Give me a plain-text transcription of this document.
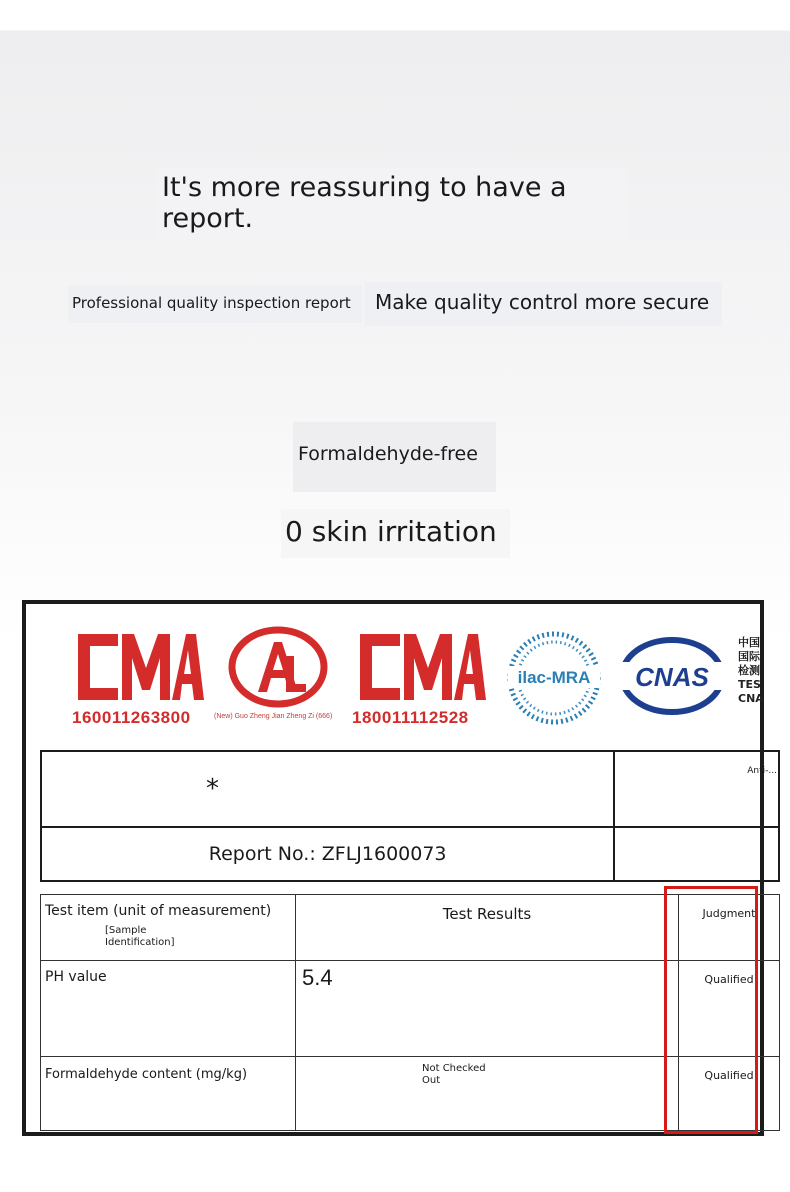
It's more reassuring to have a report.
Professional quality inspection report	Make quality control more secure
Formaldehyde-free
0 skin irritation
160011263800	(New) Guo Zheng Jian Zheng Zi (666) 180011112528
ilac-MRA CNAS
中国
国际
检测
TES
CNA
*	Anti-...
Report No.: ZFLJ1600073	
Test item (unit of measurement)
[Sample Identification]	Test Results	Judgment
PH value	5.4	Qualified
Formaldehyde content (mg/kg)	Not Checked Out	Qualified
